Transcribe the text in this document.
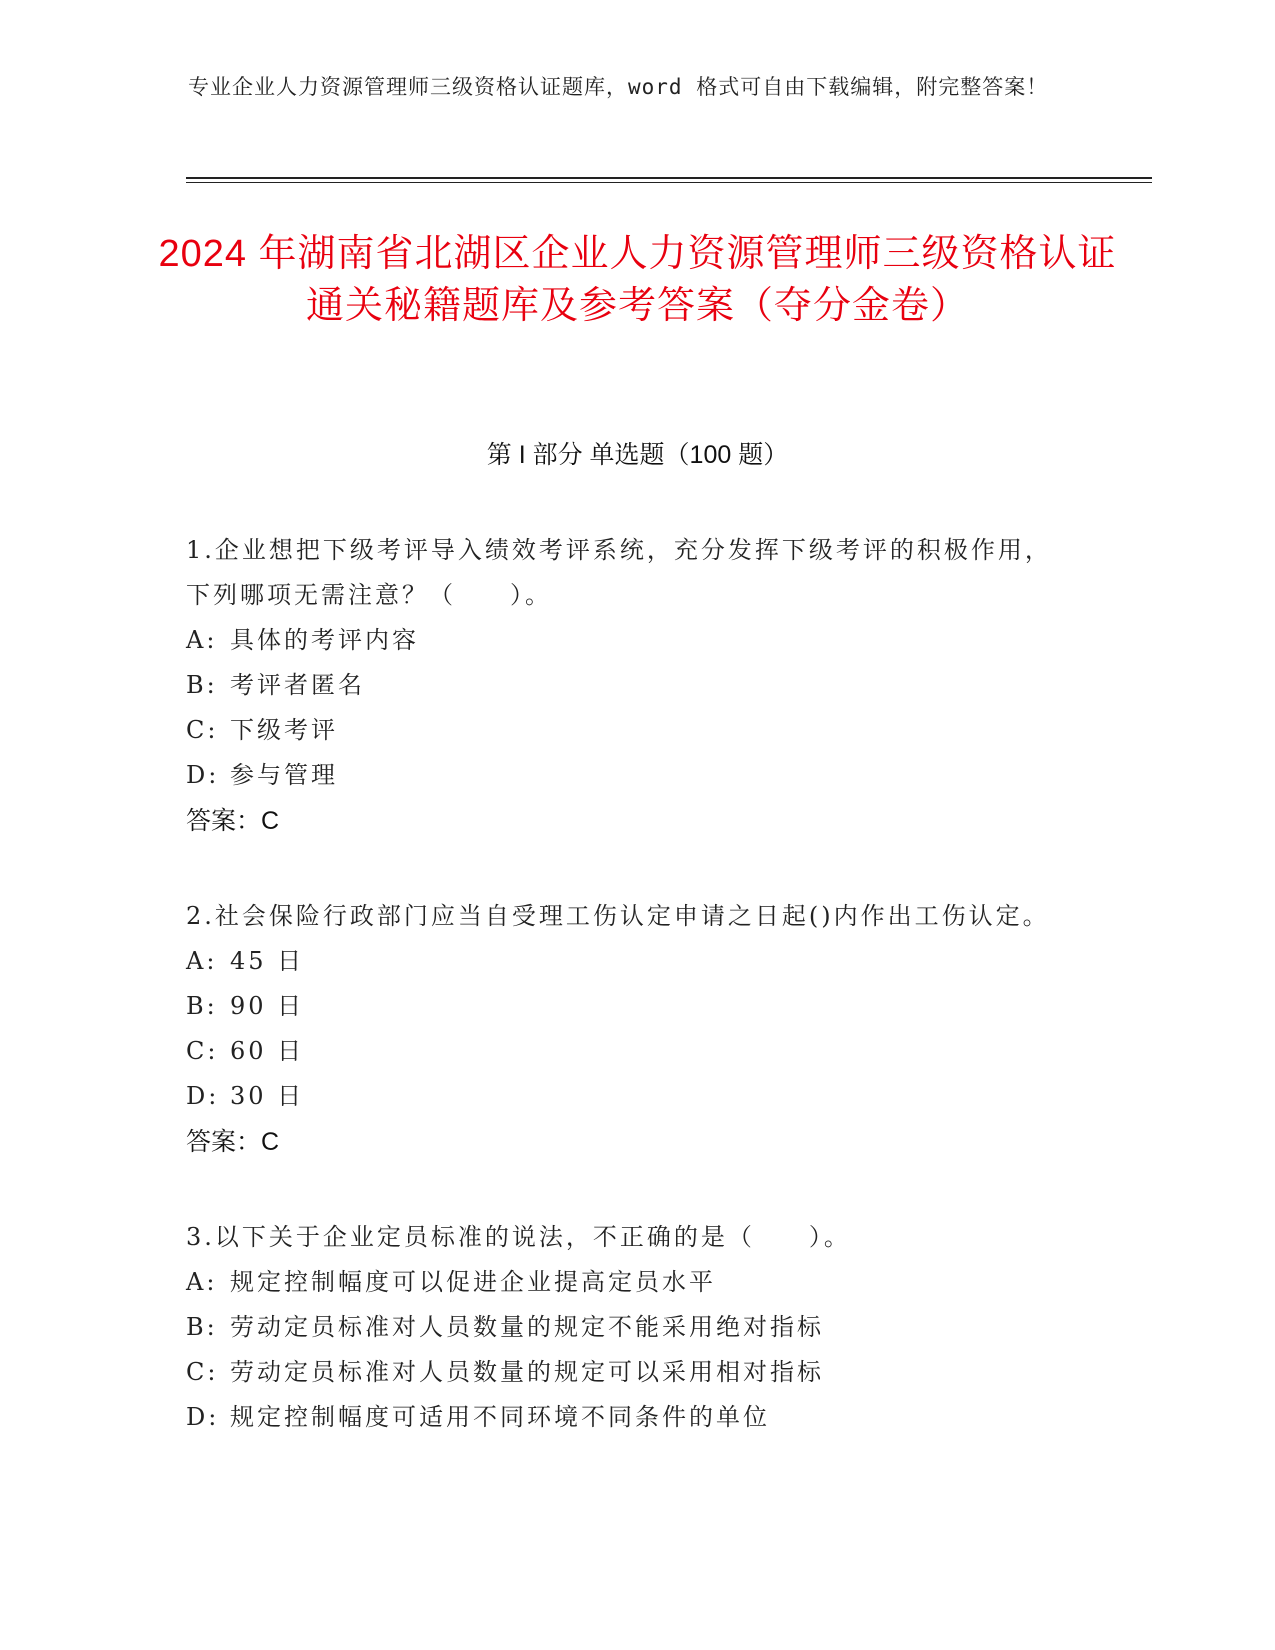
专业企业人力资源管理师三级资格认证题库，word 格式可自由下载编辑，附完整答案！
2024 年湖南省北湖区企业人力资源管理师三级资格认证通关秘籍题库及参考答案（夺分金卷）
第 I 部分 单选题（100 题）
1.企业想把下级考评导入绩效考评系统，充分发挥下级考评的积极作用，下列哪项无需注意？（　　）。
A: 具体的考评内容
B: 考评者匿名
C: 下级考评
D: 参与管理
答案：C
2.社会保险行政部门应当自受理工伤认定申请之日起()内作出工伤认定。
A: 45 日
B: 90 日
C: 60 日
D: 30 日
答案：C
3.以下关于企业定员标准的说法，不正确的是（　　）。
A: 规定控制幅度可以促进企业提高定员水平
B: 劳动定员标准对人员数量的规定不能采用绝对指标
C: 劳动定员标准对人员数量的规定可以采用相对指标
D: 规定控制幅度可适用不同环境不同条件的单位
